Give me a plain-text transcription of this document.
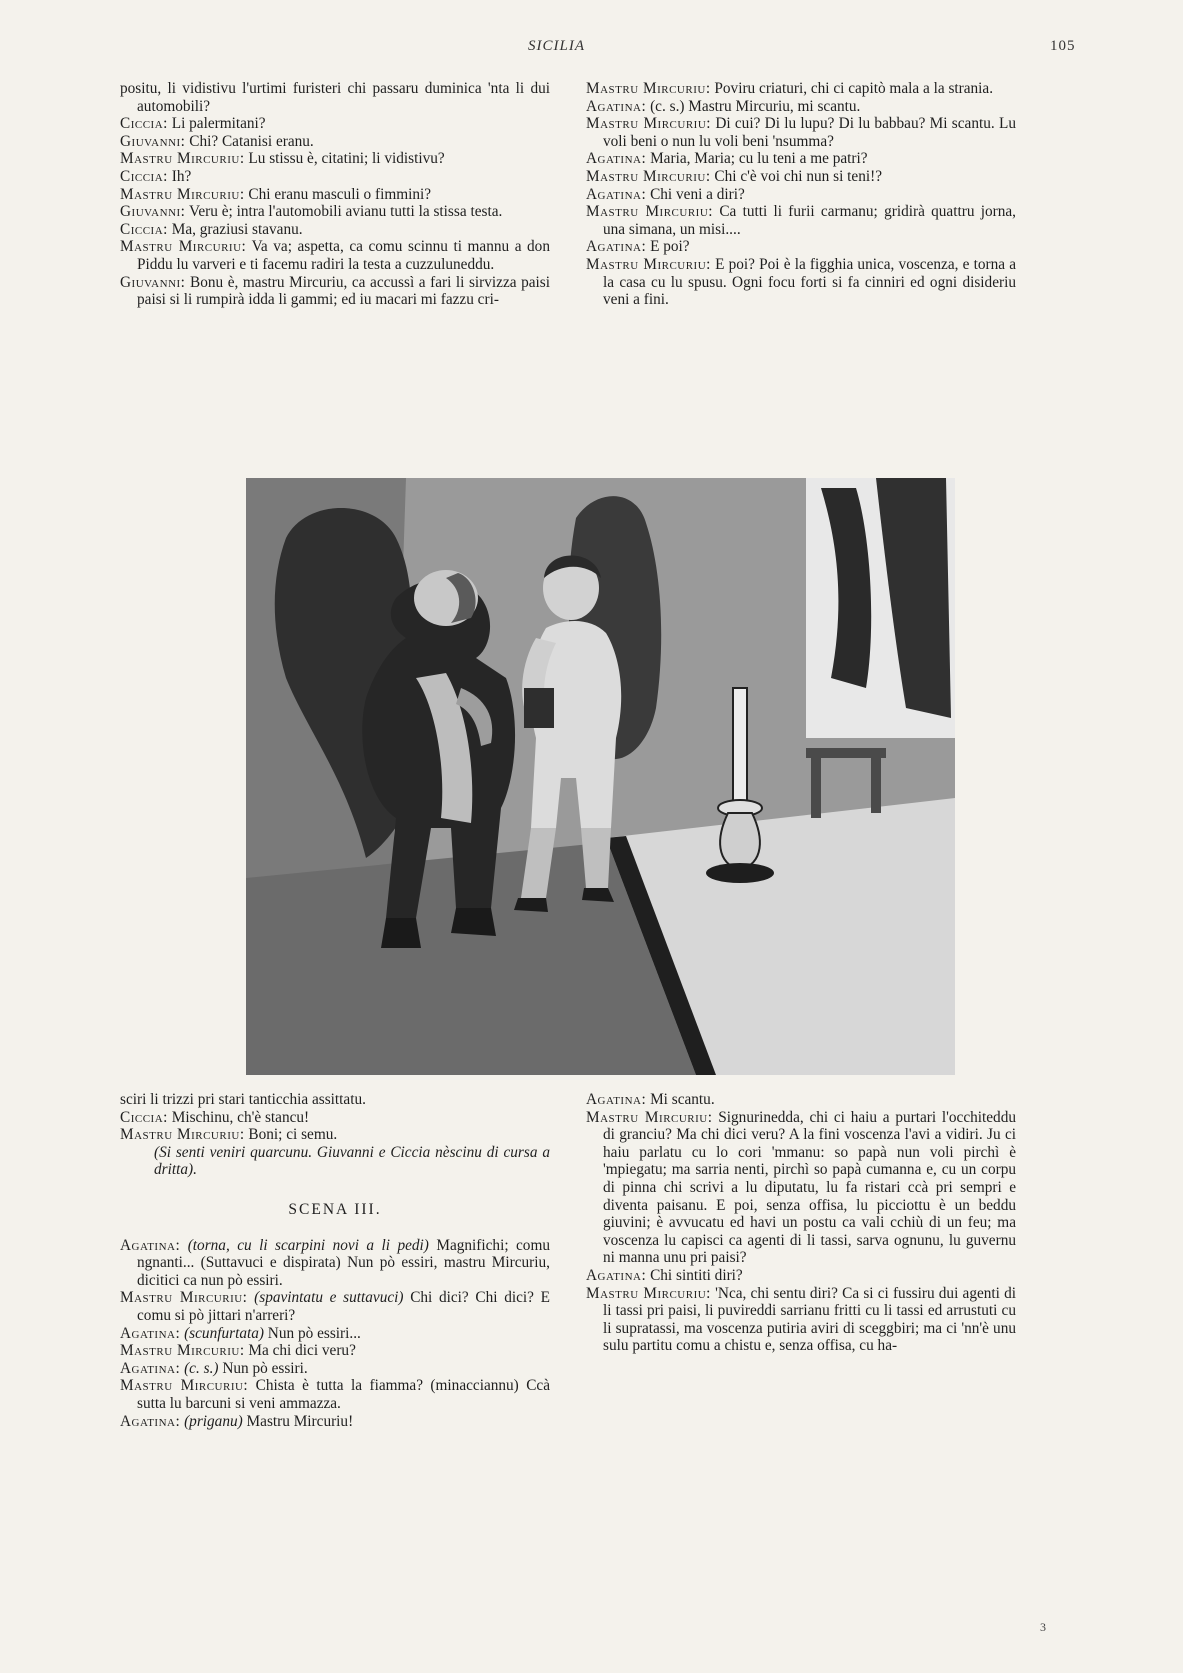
SICILIA	105

positu, li vidistivu l'urtimi furisteri chi passaru duminica 'nta li dui automobili?

Ciccia: Li palermitani?

Giuvanni: Chi? Catanisi eranu.

Mastru Mircuriu: Lu stissu è, citatini; li vidistivu?

Ciccia: Ih?

Mastru Mircuriu: Chi eranu masculi o fimmini?

Giuvanni: Veru è; intra l'automobili avianu tutti la stissa testa.

Ciccia: Ma, graziusi stavanu.

Mastru Mircuriu: Va va; aspetta, ca comu scinnu ti mannu a don Piddu lu varveri e ti facemu radiri la testa a cuzzuluneddu.

Giuvanni: Bonu è, mastru Mircuriu, ca accussì a fari li sirvizza paisi paisi si li rumpirà idda li gammi; ed iu macari mi fazzu cri-

Mastru Mircuriu: Poviru criaturi, chi ci capitò mala a la strania.

Agatina: (c. s.) Mastru Mircuriu, mi scantu.

Mastru Mircuriu: Di cui? Di lu lupu? Di lu babbau? Mi scantu. Lu voli beni o nun lu voli beni 'nsumma?

Agatina: Maria, Maria; cu lu teni a me patri?

Mastru Mircuriu: Chi c'è voi chi nun si teni!?

Agatina: Chi veni a diri?

Mastru Mircuriu: Ca tutti li furii carmanu; gridirà quattru jorna, una simana, un misi....

Agatina: E poi?

Mastru Mircuriu: E poi? Poi è la figghia unica, voscenza, e torna a la casa cu lu spusu. Ogni focu forti si fa cinniri ed ogni disideriu veni a fini.

sciri li trizzi pri stari tanticchia assittatu.

Ciccia: Mischinu, ch'è stancu!

Mastru Mircuriu: Boni; ci semu.

(Si senti veniri quarcunu. Giuvanni e Ciccia nèscinu di cursa a dritta).

SCENA III.

Agatina: (torna, cu li scarpini novi a li pedi) Magnifichi; comu ngnanti... (Suttavuci e dispirata) Nun pò essiri, mastru Mircuriu, dicitici ca nun pò essiri.

Mastru Mircuriu: (spavintatu e suttavuci) Chi dici? Chi dici? E comu si pò jittari n'arreri?

Agatina: (scunfurtata) Nun pò essiri...

Mastru Mircuriu: Ma chi dici veru?

Agatina: (c. s.) Nun pò essiri.

Mastru Mircuriu: Chista è tutta la fiamma? (minacciannu) Ccà sutta lu barcuni si veni ammazza.

Agatina: (priganu) Mastru Mircuriu!

Agatina: Mi scantu.

Mastru Mircuriu: Signurinedda, chi ci haiu a purtari l'occhiteddu di granciu? Ma chi dici veru? A la fini voscenza l'avi a vidiri. Ju ci haiu parlatu cu lo cori 'mmanu: so papà nun voli pirchì è 'mpiegatu; ma sarria nenti, pirchì so papà cumanna e, cu un corpu di pinna chi scrivi a lu diputatu, lu fa ristari ccà pri sempri e diventa paisanu. E poi, senza offisa, lu picciottu è un beddu giuvini; è avvucatu ed havi un postu ca vali cchiù di un feu; ma voscenza lu capisci ca agenti di li tassi, sarva ognunu, lu guvernu ni manna unu pri paisi?

Agatina: Chi sintiti diri?

Mastru Mircuriu: 'Nca, chi sentu diri? Ca si ci fussiru dui agenti di li tassi pri paisi, li puvireddi sarrianu fritti cu li tassi ed arrustuti cu li supratassi, ma voscenza putiria aviri di sceggbiri; ma ci 'nn'è unu sulu partitu comu a chistu e, senza offisa, cu ha-

3
